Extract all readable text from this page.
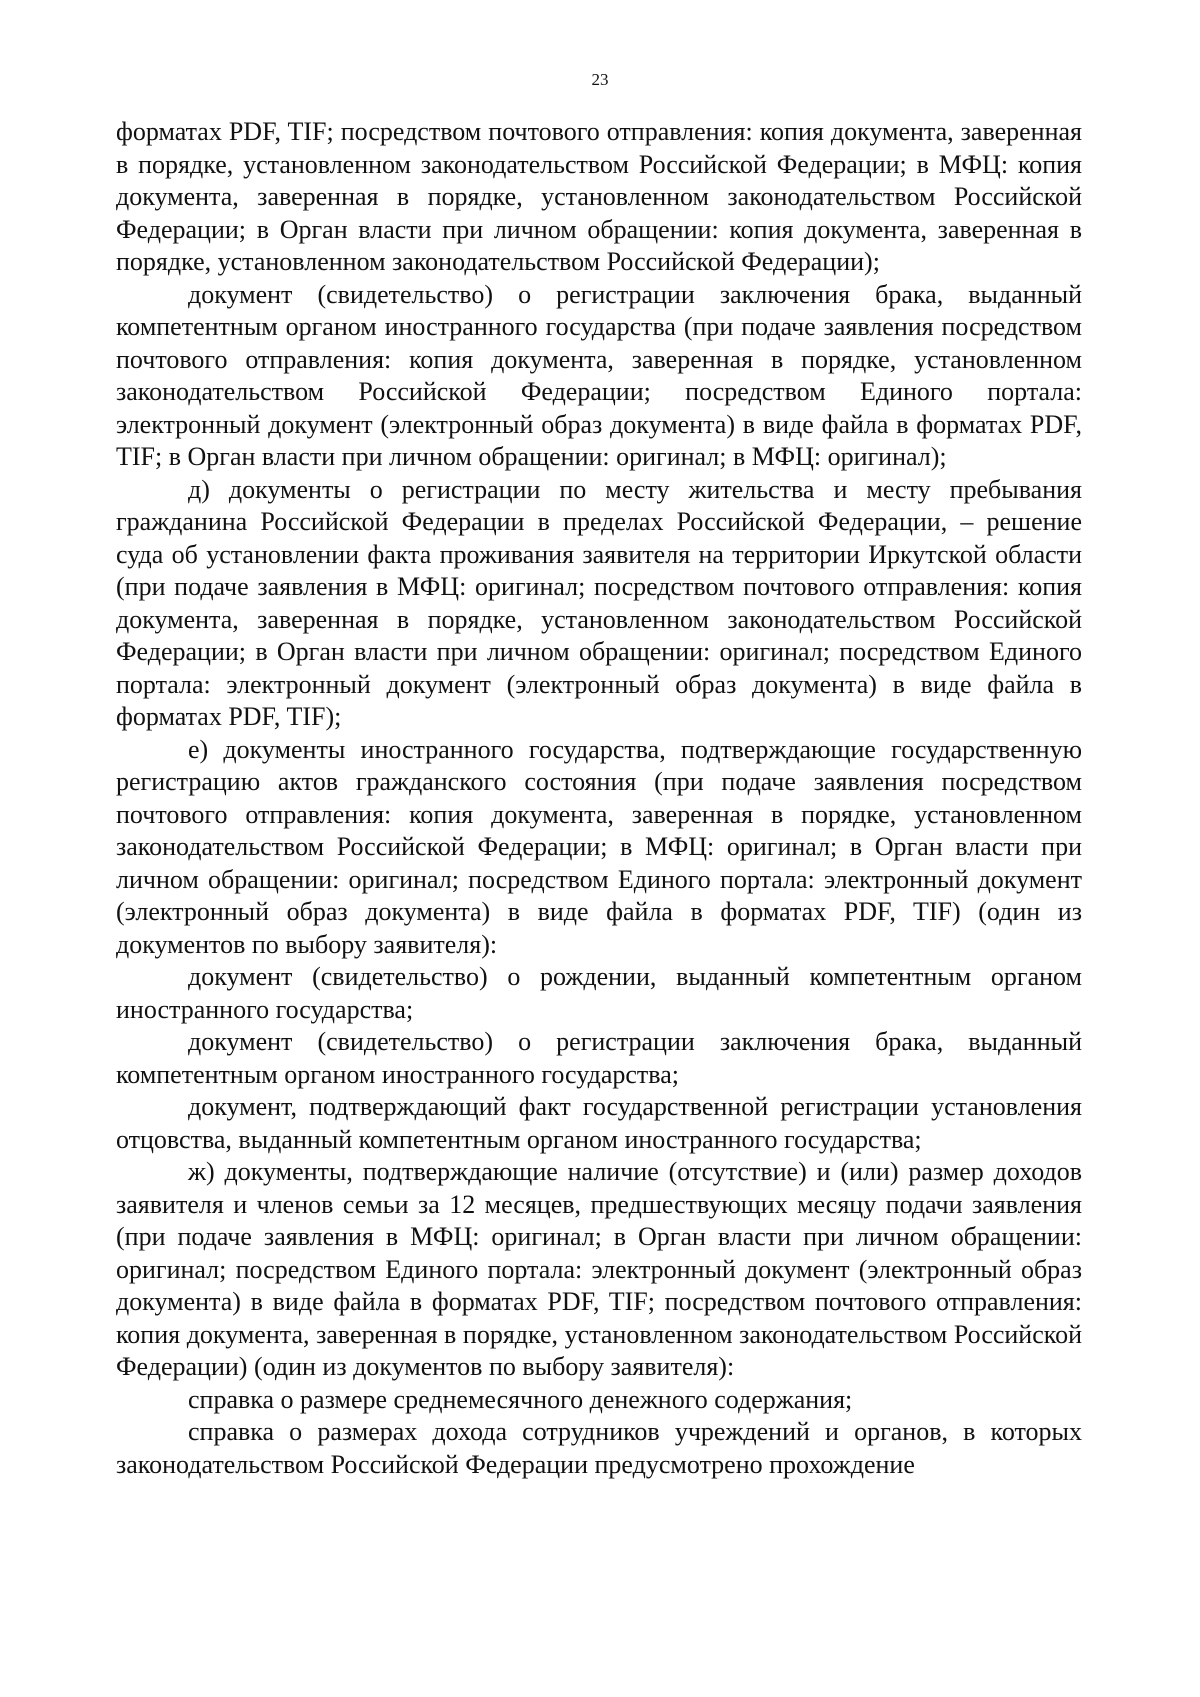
23

форматах PDF, TIF; посредством почтового отправления: копия документа, заверенная в порядке, установленном законодательством Российской Федерации; в МФЦ: копия документа, заверенная в порядке, установленном законодательством Российской Федерации; в Орган власти при личном обращении: копия документа, заверенная в порядке, установленном законодательством Российской Федерации);

документ (свидетельство) о регистрации заключения брака, выданный компетентным органом иностранного государства (при подаче заявления посредством почтового отправления: копия документа, заверенная в порядке, установленном законодательством Российской Федерации; посредством Единого портала: электронный документ (электронный образ документа) в виде файла в форматах PDF, TIF; в Орган власти при личном обращении: оригинал; в МФЦ: оригинал);

д) документы о регистрации по месту жительства и месту пребывания гражданина Российской Федерации в пределах Российской Федерации, – решение суда об установлении факта проживания заявителя на территории Иркутской области (при подаче заявления в МФЦ: оригинал; посредством почтового отправления: копия документа, заверенная в порядке, установленном законодательством Российской Федерации; в Орган власти при личном обращении: оригинал; посредством Единого портала: электронный документ (электронный образ документа) в виде файла в форматах PDF, TIF);

е) документы иностранного государства, подтверждающие государственную регистрацию актов гражданского состояния (при подаче заявления посредством почтового отправления: копия документа, заверенная в порядке, установленном законодательством Российской Федерации; в МФЦ: оригинал; в Орган власти при личном обращении: оригинал; посредством Единого портала: электронный документ (электронный образ документа) в виде файла в форматах PDF, TIF) (один из документов по выбору заявителя):

документ (свидетельство) о рождении, выданный компетентным органом иностранного государства;

документ (свидетельство) о регистрации заключения брака, выданный компетентным органом иностранного государства;

документ, подтверждающий факт государственной регистрации установления отцовства, выданный компетентным органом иностранного государства;

ж) документы, подтверждающие наличие (отсутствие) и (или) размер доходов заявителя и членов семьи за 12 месяцев, предшествующих месяцу подачи заявления (при подаче заявления в МФЦ: оригинал; в Орган власти при личном обращении: оригинал; посредством Единого портала: электронный документ (электронный образ документа) в виде файла в форматах PDF, TIF; посредством почтового отправления: копия документа, заверенная в порядке, установленном законодательством Российской Федерации) (один из документов по выбору заявителя):

справка о размере среднемесячного денежного содержания;

справка о размерах дохода сотрудников учреждений и органов, в которых законодательством Российской Федерации предусмотрено прохождение
